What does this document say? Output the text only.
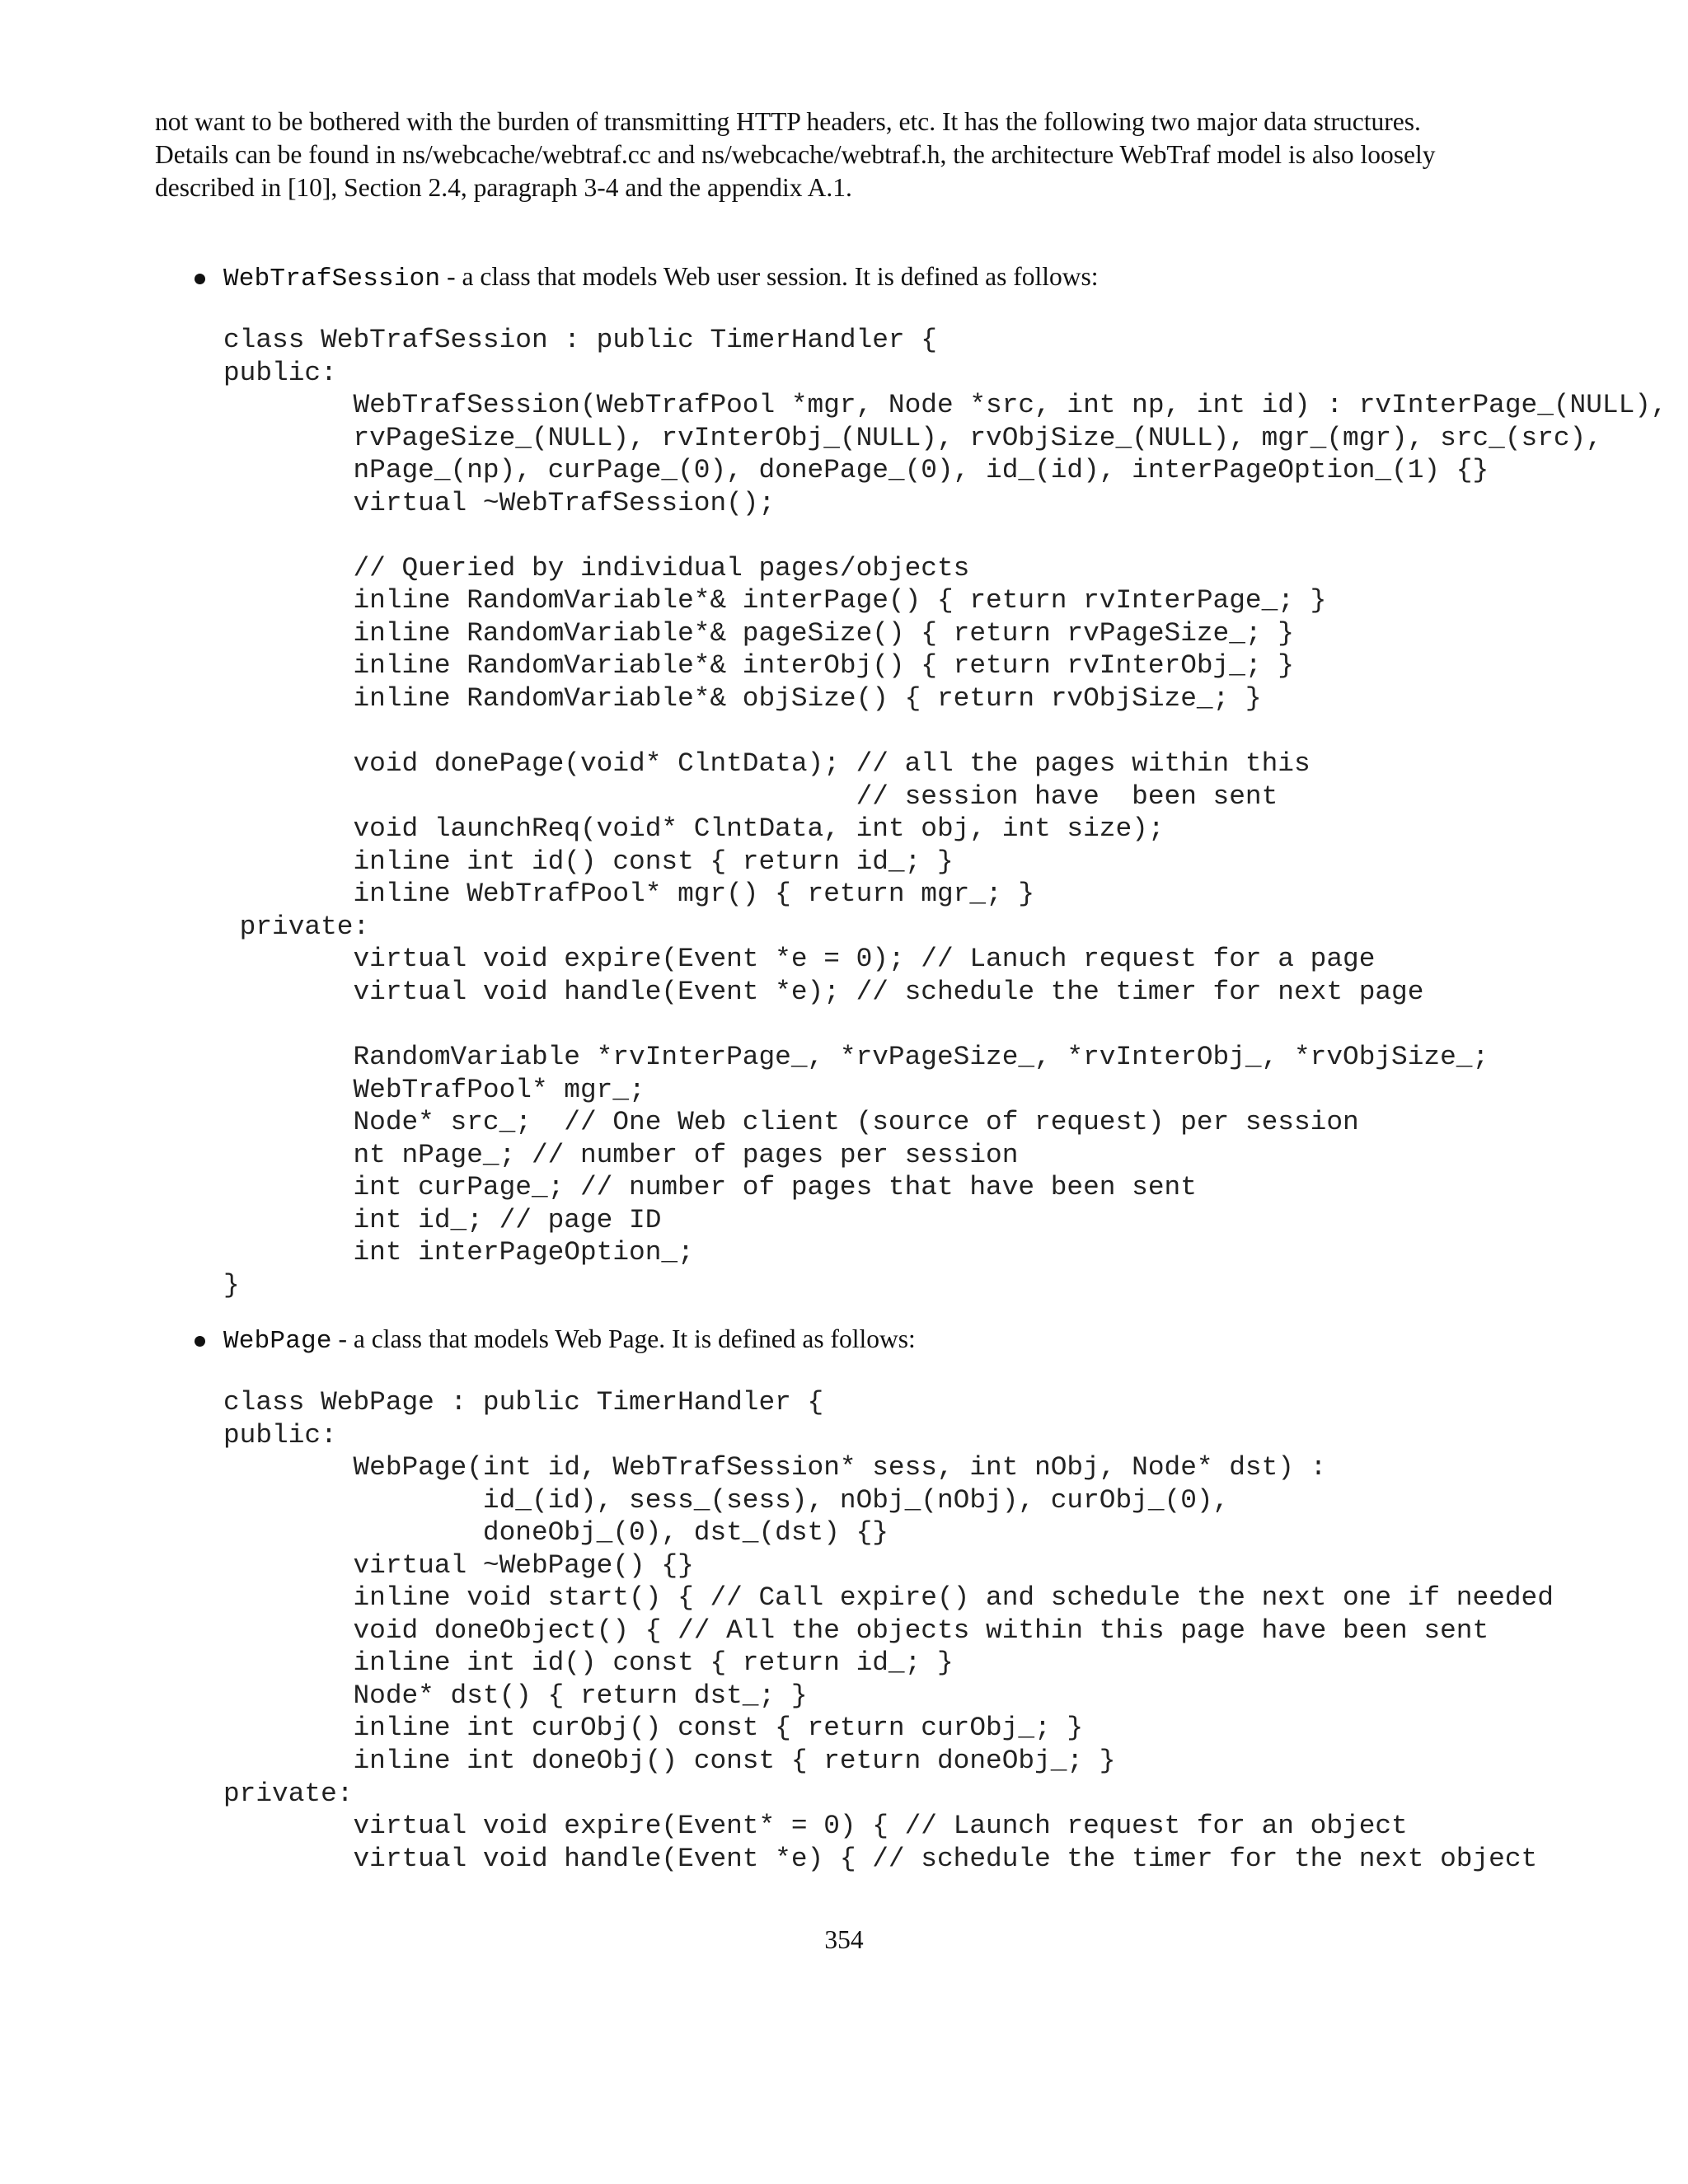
not want to be bothered with the burden of transmitting HTTP headers, etc. It has the following two major data structures.
Details can be found in ns/webcache/webtraf.cc and ns/webcache/webtraf.h, the architecture WebTraf model is also loosely
described in [10], Section 2.4, paragraph 3-4 and the appendix A.1.
WebTrafSession - a class that models Web user session. It is defined as follows:
class WebTrafSession : public TimerHandler {
public:
WebTrafSession(WebTrafPool *mgr, Node *src, int np, int id) : rvInterPage_(NULL),
rvPageSize_(NULL), rvInterObj_(NULL), rvObjSize_(NULL), mgr_(mgr), src_(src),
nPage_(np), curPage_(0), donePage_(0), id_(id), interPageOption_(1) {}
virtual ~WebTrafSession();

// Queried by individual pages/objects
inline RandomVariable*& interPage() { return rvInterPage_; }
inline RandomVariable*& pageSize() { return rvPageSize_; }
inline RandomVariable*& interObj() { return rvInterObj_; }
inline RandomVariable*& objSize() { return rvObjSize_; }

void donePage(void* ClntData); // all the pages within this
// session have  been sent
void launchReq(void* ClntData, int obj, int size);
inline int id() const { return id_; }
inline WebTrafPool* mgr() { return mgr_; }
private:
virtual void expire(Event *e = 0); // Lanuch request for a page
virtual void handle(Event *e); // schedule the timer for next page

RandomVariable *rvInterPage_, *rvPageSize_, *rvInterObj_, *rvObjSize_;
WebTrafPool* mgr_;
Node* src_;  // One Web client (source of request) per session
nt nPage_; // number of pages per session
int curPage_; // number of pages that have been sent
int id_; // page ID
int interPageOption_;
}
WebPage - a class that models Web Page. It is defined as follows:
class WebPage : public TimerHandler {
public:
WebPage(int id, WebTrafSession* sess, int nObj, Node* dst) :
id_(id), sess_(sess), nObj_(nObj), curObj_(0),
doneObj_(0), dst_(dst) {}
virtual ~WebPage() {}
inline void start() { // Call expire() and schedule the next one if needed
void doneObject() { // All the objects within this page have been sent
inline int id() const { return id_; }
Node* dst() { return dst_; }
inline int curObj() const { return curObj_; }
inline int doneObj() const { return doneObj_; }
private:
virtual void expire(Event* = 0) { // Launch request for an object
virtual void handle(Event *e) { // schedule the timer for the next object
354
